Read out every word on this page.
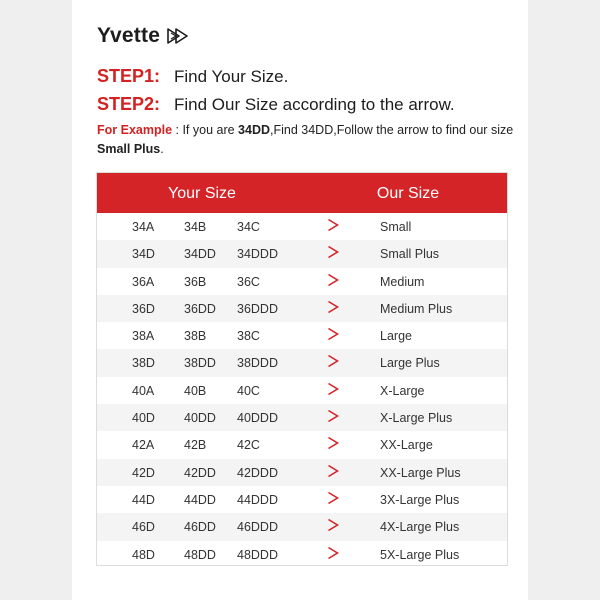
Yvette
STEP1: Find Your Size.
STEP2: Find Our Size according to the arrow.
For Example : If you are 34DD,Find 34DD,Follow the arrow to find our size Small Plus.
Your Size	Our Size
34A 34B 34C	Small
34D 34DD 34DDD	Small Plus
36A 36B 36C	Medium
36D 36DD 36DDD	Medium Plus
38A 38B 38C	Large
38D 38DD 38DDD	Large Plus
40A 40B 40C	X-Large
40D 40DD 40DDD	X-Large Plus
42A 42B 42C	XX-Large
42D 42DD 42DDD	XX-Large Plus
44D 44DD 44DDD	3X-Large Plus
46D 46DD 46DDD	4X-Large Plus
48D 48DD 48DDD	5X-Large Plus
